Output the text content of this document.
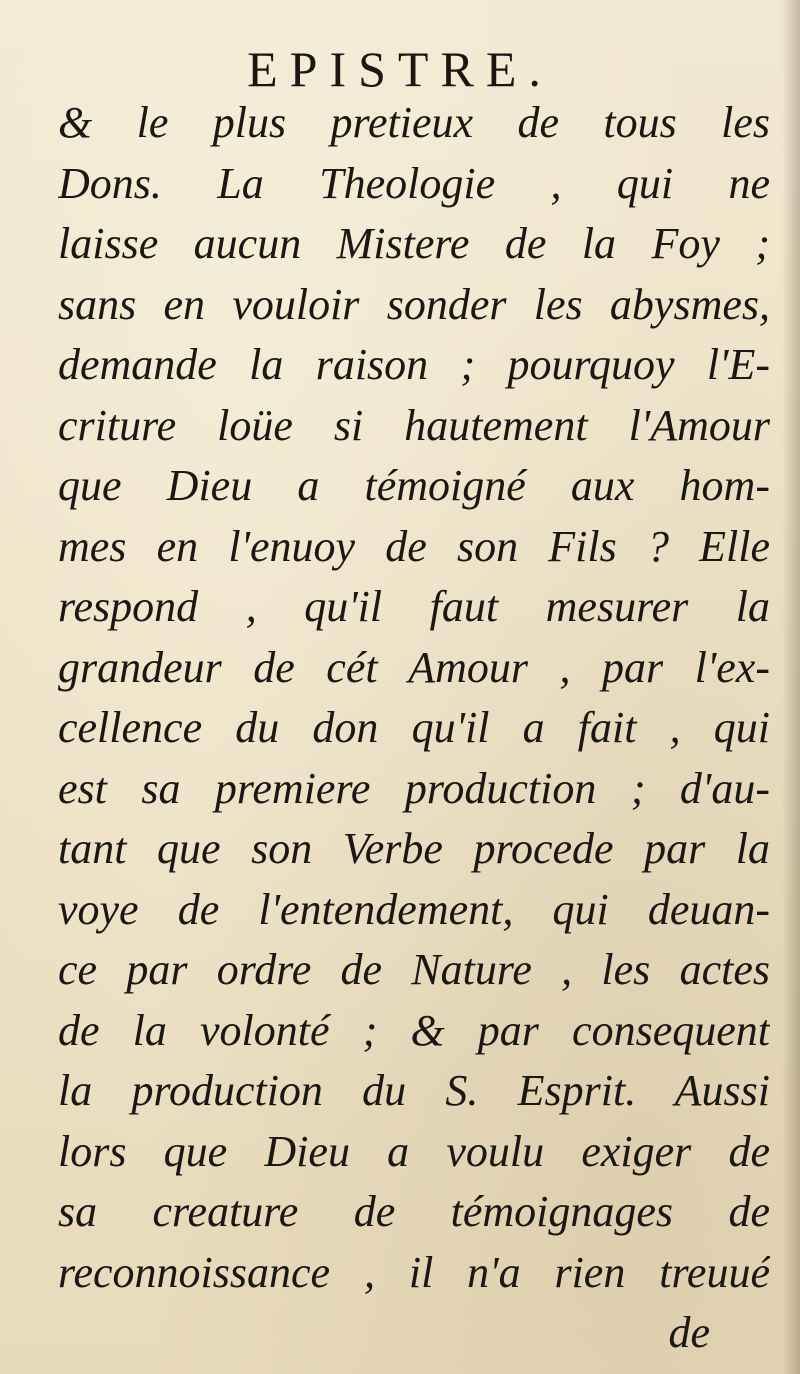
EPISTRE.
& le plus pretieux de tous les
Dons. La Theologie , qui ne
laisse aucun Mistere de la Foy ;
sans en vouloir sonder les abysmes,
demande la raison ; pourquoy l'E-
criture loüe si hautement l'Amour
que Dieu a témoigné aux hom-
mes en l'enuoy de son Fils ? Elle
respond , qu'il faut mesurer la
grandeur de cét Amour , par l'ex-
cellence du don qu'il a fait , qui
est sa premiere production ; d'au-
tant que son Verbe procede par la
voye de l'entendement, qui deuan-
ce par ordre de Nature , les actes
de la volonté ; & par consequent
la production du S. Esprit. Aussi
lors que Dieu a voulu exiger de
sa creature de témoignages de
reconnoissance , il n'a rien treuué
de
